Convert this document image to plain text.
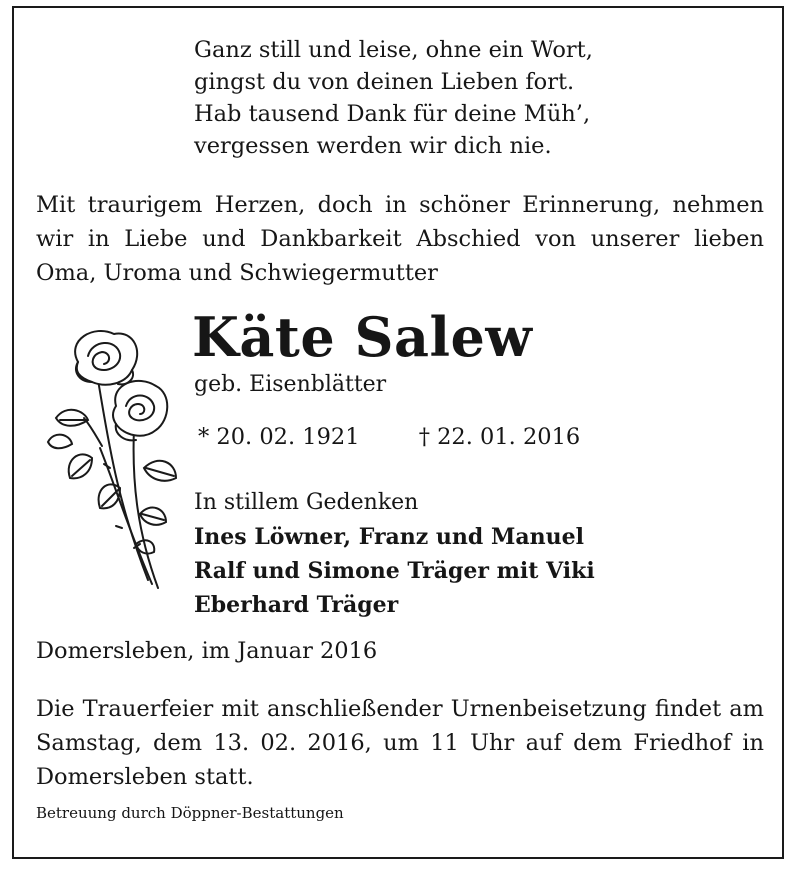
Ganz still und leise, ohne ein Wort,
gingst du von deinen Lieben fort.
Hab tausend Dank für deine Müh’,
vergessen werden wir dich nie.
Mit traurigem Herzen, doch in schöner Erinnerung, nehmen wir in Liebe und Dankbarkeit Abschied von unserer lieben Oma, Uroma und Schwiegermutter
Käte Salew
geb. Eisenblätter
* 20. 02. 1921	† 22. 01. 2016
In stillem Gedenken
Ines Löwner, Franz und Manuel
Ralf und Simone Träger mit Viki
Eberhard Träger
Domersleben, im Januar 2016
Die Trauerfeier mit anschließender Urnenbeisetzung findet am Samstag, dem 13. 02. 2016, um 11 Uhr auf dem Friedhof in Domersleben statt.
Betreuung durch Döppner-Bestattungen
